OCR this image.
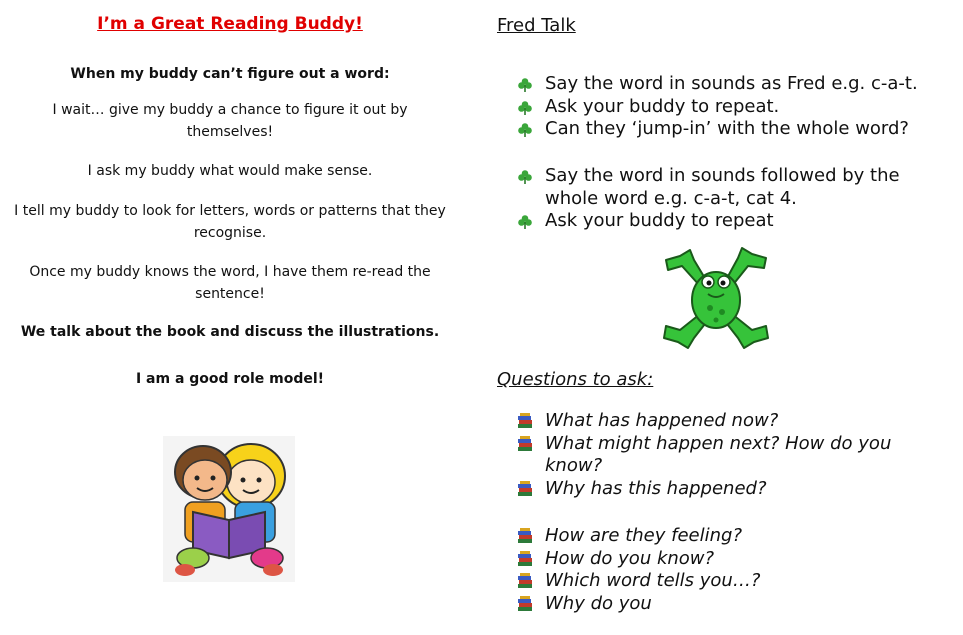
I’m a Great Reading Buddy!
When my buddy can’t figure out a word:
I wait… give my buddy a chance to figure it out by themselves!
I ask my buddy what would make sense.
I tell my buddy to look for letters, words or patterns that they recognise.
Once my buddy knows the word, I have them re-read the sentence!
We talk about the book and discuss the illustrations.
I am a good role model!
Fred Talk
Say the word in sounds as Fred e.g. c-a-t.
Ask your buddy to repeat.
Can they ‘jump-in’ with the whole word?
Say the word in sounds followed by the whole word e.g. c-a-t, cat 4.
Ask your buddy to repeat
Questions to ask:
What has happened now?
What might happen next? How do you know?
Why has this happened?
How are they feeling?
How do you know?
Which word tells you…?
Why do you
